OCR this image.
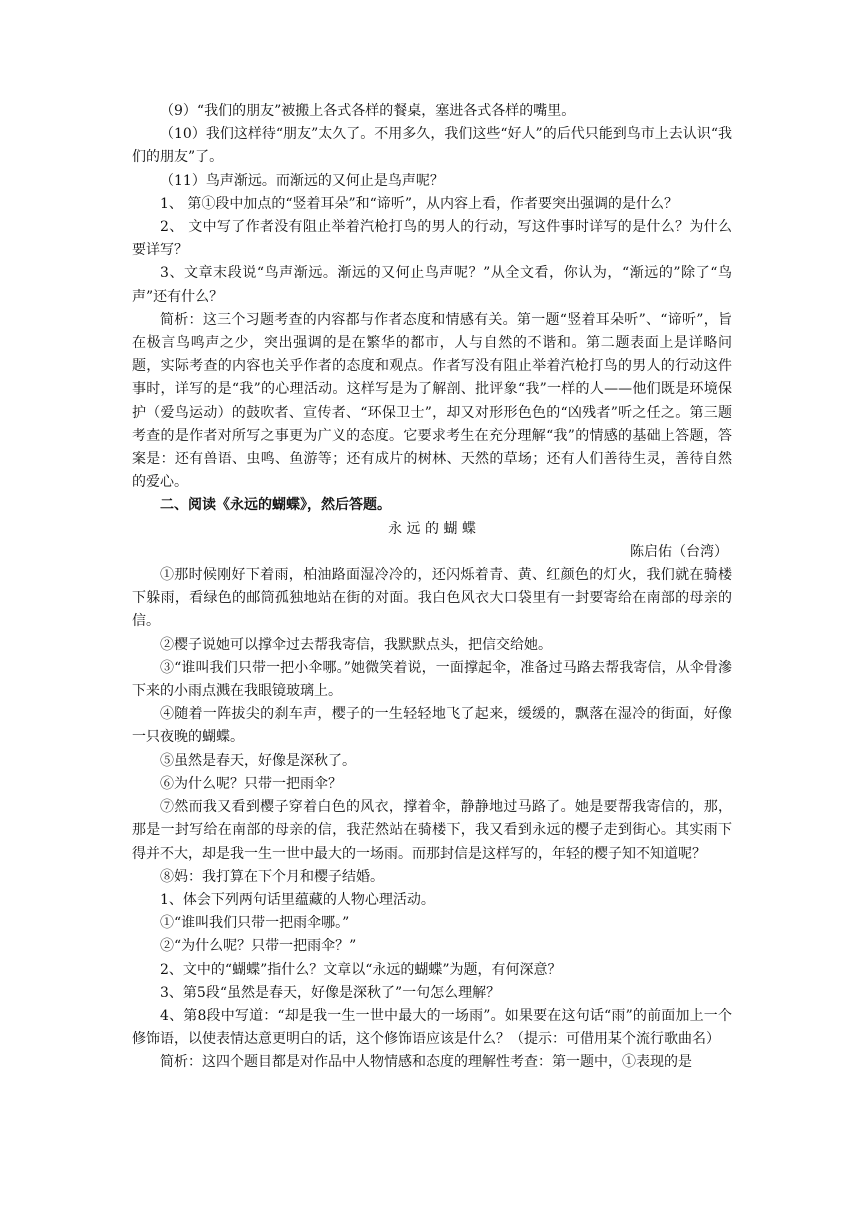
（9）“我们的朋友”被搬上各式各样的餐桌，塞进各式各样的嘴里。

（10）我们这样待“朋友”太久了。不用多久，我们这些“好人”的后代只能到鸟市上去认识“我们的朋友”了。

（11）鸟声渐远。而渐远的又何止是鸟声呢？

1、 第①段中加点的“竖着耳朵”和“谛听”，从内容上看，作者要突出强调的是什么？

2、 文中写了作者没有阻止举着汽枪打鸟的男人的行动，写这件事时详写的是什么？为什么要详写？

3、文章末段说“鸟声渐远。渐远的又何止鸟声呢？”从全文看，你认为，“渐远的”除了“鸟声”还有什么？

简析：这三个习题考查的内容都与作者态度和情感有关。第一题“竖着耳朵听”、“谛听”，旨在极言鸟鸣声之少，突出强调的是在繁华的都市，人与自然的不谐和。第二题表面上是详略问题，实际考查的内容也关乎作者的态度和观点。作者写没有阻止举着汽枪打鸟的男人的行动这件事时，详写的是“我”的心理活动。这样写是为了解剖、批评象“我”一样的人——他们既是环境保护（爱鸟运动）的鼓吹者、宣传者、“环保卫士”，却又对形形色色的“凶残者”听之任之。第三题考查的是作者对所写之事更为广义的态度。它要求考生在充分理解“我”的情感的基础上答题，答案是：还有兽语、虫鸣、鱼游等；还有成片的树林、天然的草场；还有人们善待生灵，善待自然的爱心。

二、阅读《永远的蝴蝶》，然后答题。

永 远 的 蝴 蝶

陈启佑（台湾）

①那时候刚好下着雨，柏油路面湿冷冷的，还闪烁着青、黄、红颜色的灯火，我们就在骑楼下躲雨，看绿色的邮筒孤独地站在街的对面。我白色风衣大口袋里有一封要寄给在南部的母亲的信。

②樱子说她可以撑伞过去帮我寄信，我默默点头，把信交给她。

③“谁叫我们只带一把小伞哪。”她微笑着说，一面撑起伞，准备过马路去帮我寄信，从伞骨滲下来的小雨点溅在我眼镜玻璃上。

④随着一阵拔尖的刹车声，樱子的一生轻轻地飞了起来，缓缓的，飘落在湿冷的街面，好像一只夜晚的蝴蝶。

⑤虽然是春天，好像是深秋了。

⑥为什么呢？只带一把雨伞？

⑦然而我又看到樱子穿着白色的风衣，撑着伞，静静地过马路了。她是要帮我寄信的，那，那是一封写给在南部的母亲的信，我茫然站在骑楼下，我又看到永远的樱子走到街心。其实雨下得并不大，却是我一生一世中最大的一场雨。而那封信是这样写的，年轻的樱子知不知道呢？

⑧妈：我打算在下个月和樱子结婚。

1、体会下列两句话里蕴藏的人物心理活动。

①“谁叫我们只带一把雨伞哪。”

②“为什么呢？只带一把雨伞？”

2、文中的“蝴蝶”指什么？文章以“永远的蝴蝶”为题，有何深意？

3、第5段“虽然是春天，好像是深秋了”一句怎么理解？

4、第8段中写道：“却是我一生一世中最大的一场雨”。如果要在这句话“雨”的前面加上一个修饰语，以使表情达意更明白的话，这个修饰语应该是什么？（提示：可借用某个流行歌曲名）

简析：这四个题目都是对作品中人物情感和态度的理解性考查：第一题中，①表现的是
